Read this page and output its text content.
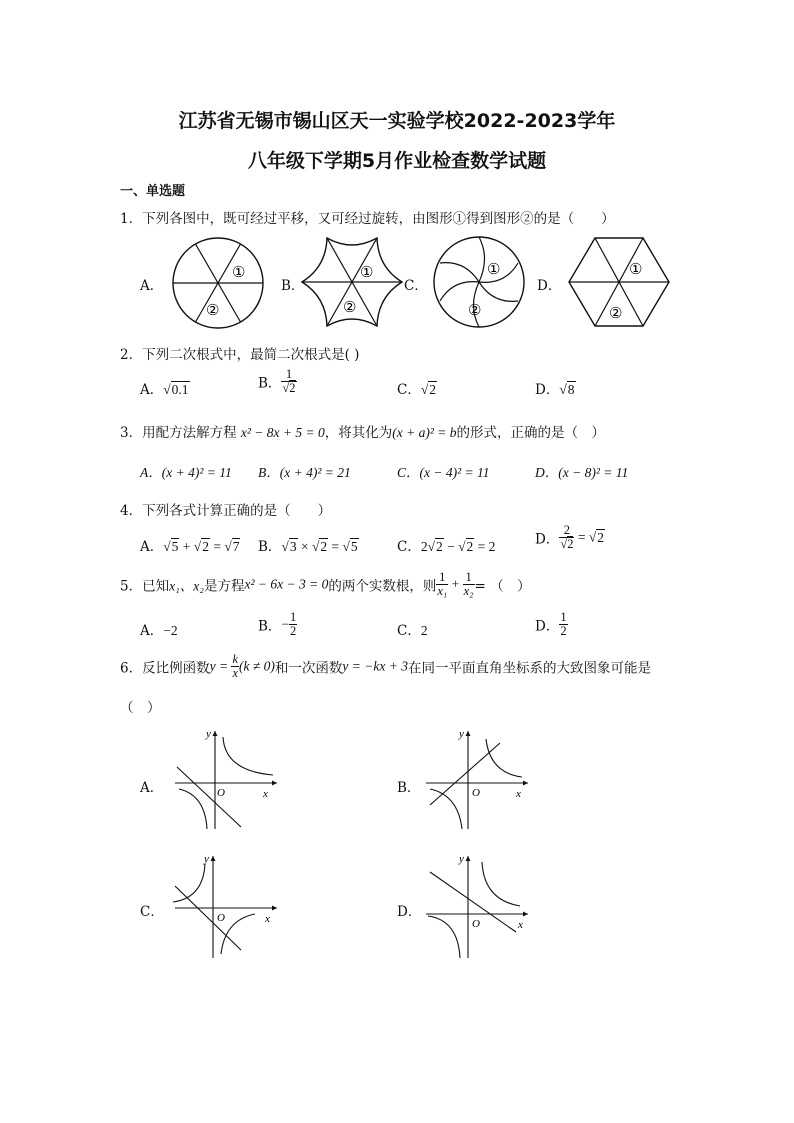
江苏省无锡市锡山区天一实验学校2022-2023学年
八年级下学期5月作业检查数学试题
一、单选题
1．下列各图中，既可经过平移，又可经过旋转，由图形①得到图形②的是（　　）
A．
①
②
B．
①
②
C．
①
②
D．
①
②
2．下列二次根式中，最简二次根式是( )
A．√0.1	B． $\frac{1}{√2}$	C．√2	D．√8
3．用配方法解方程 x² − 8x + 5 = 0，将其化为(x + a)² = b的形式，正确的是（　）
A．(x + 4)² = 11 B．(x + 4)² = 21	C．(x − 4)² = 11	D．(x − 8)² = 11
4．下列各式计算正确的是（　　）
A．√5 + √2 = √7 B．√3 × √2 = √5	C．2√2 − √2 = 2	D． $\frac{2}{√2} = √2$
5．已知x₁、x₂是方程x² − 6x − 3 = 0的两个实数根，则 $\frac{1}{\text{x₁}} + \frac{1}{\text{x₂}}$ = （　）
A．−2	B．− $\frac{1}{2}$	C．2	D． $\frac{1}{2}$
6．反比例函数$y = \frac{k}{x} (k \ne 0)$和一次函数y = −kx + 3在同一平面直角坐标系的大致图象可能是
（　）
A．
y
x
O	B．
y
x
O
C．
y
x
O	D．
y
x
O
